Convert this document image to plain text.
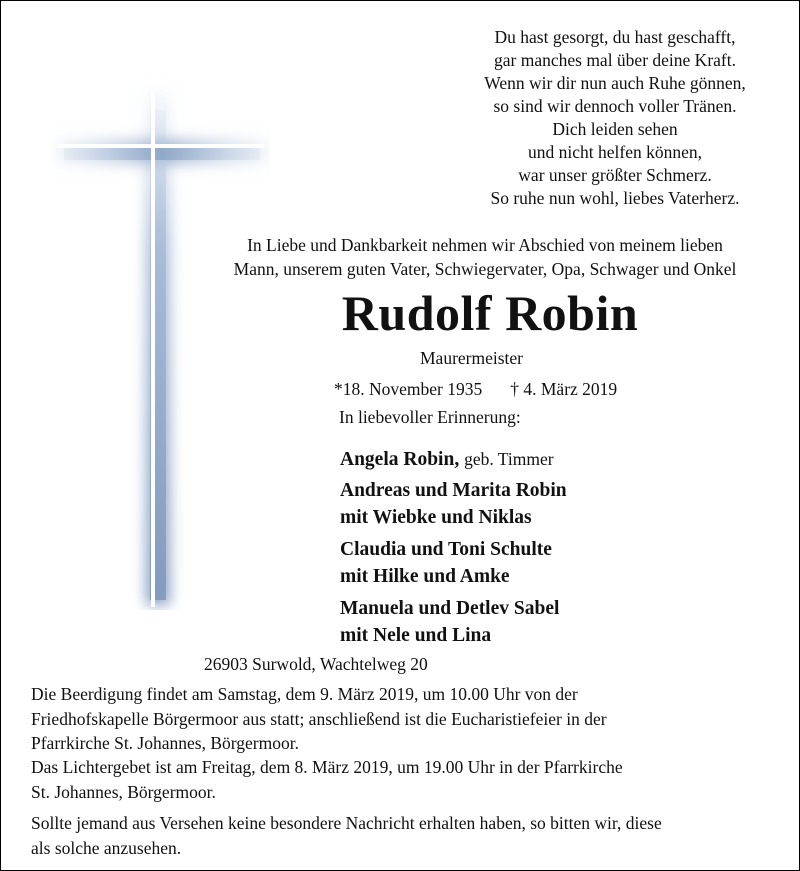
Du hast gesorgt, du hast geschafft,
gar manches mal über deine Kraft.
Wenn wir dir nun auch Ruhe gönnen,
so sind wir dennoch voller Tränen.
Dich leiden sehen
und nicht helfen können,
war unser größter Schmerz.
So ruhe nun wohl, liebes Vaterherz.
In Liebe und Dankbarkeit nehmen wir Abschied von meinem lieben
Mann, unserem guten Vater, Schwiegervater, Opa, Schwager und Onkel
Rudolf Robin
Maurermeister
*18. November 1935 † 4. März 2019
In liebevoller Erinnerung:
Angela Robin, geb. Timmer
Andreas und Marita Robin
mit Wiebke und Niklas
Claudia und Toni Schulte
mit Hilke und Amke
Manuela und Detlev Sabel
mit Nele und Lina
26903 Surwold, Wachtelweg 20
Die Beerdigung findet am Samstag, dem 9. März 2019, um 10.00 Uhr von der
Friedhofskapelle Börgermoor aus statt; anschließend ist die Eucharistiefeier in der
Pfarrkirche St. Johannes, Börgermoor.
Das Lichtergebet ist am Freitag, dem 8. März 2019, um 19.00 Uhr in der Pfarrkirche
St. Johannes, Börgermoor.
Sollte jemand aus Versehen keine besondere Nachricht erhalten haben, so bitten wir, diese
als solche anzusehen.
